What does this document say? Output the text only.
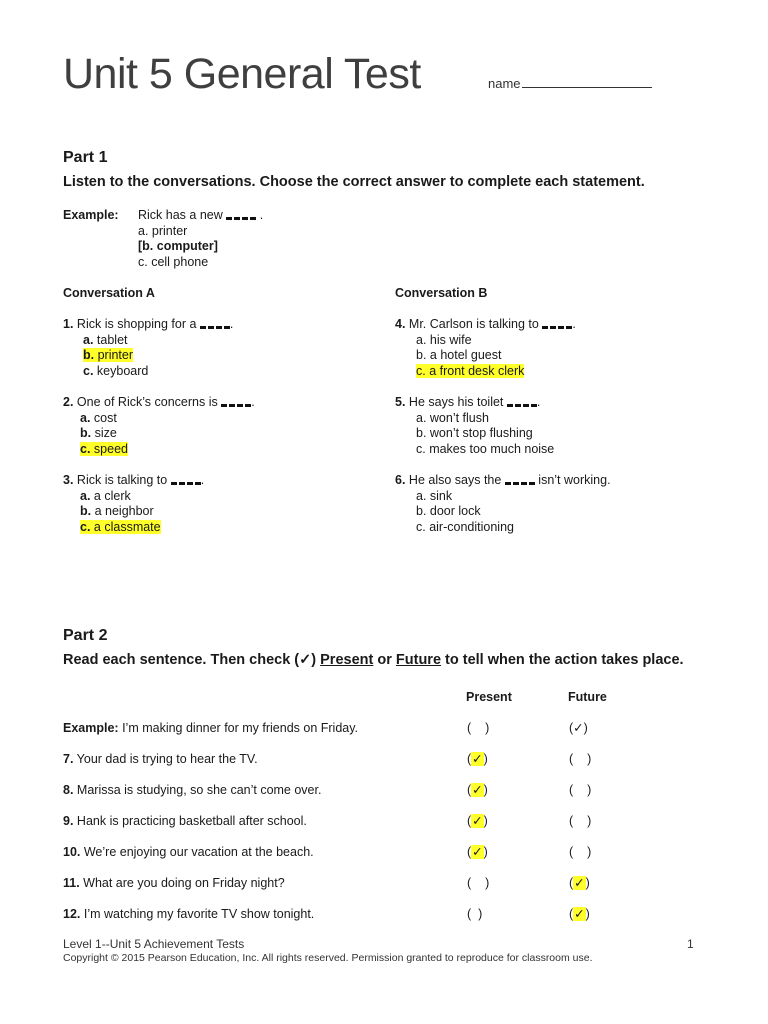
Unit 5 General Test	name
Part 1
Listen to the conversations. Choose the correct answer to complete each statement.
Example: Rick has a new	.
a. printer
[b. computer]
c. cell phone
Conversation A
1. Rick is shopping for a	.
a. tablet
b. printer
c. keyboard
2. One of Rick’s concerns is	.
a. cost
b. size
c. speed
3. Rick is talking to	.
a. a clerk
b. a neighbor
c. a classmate
Conversation B
4. Mr. Carlson is talking to	.
a. his wife
b. a hotel guest
c. a front desk clerk
5. He says his toilet	.
a. won’t flush
b. won’t stop flushing
c. makes too much noise
6. He also says the	isn’t working.
a. sink
b. door lock
c. air-conditioning
Part 2
Read each sentence. Then check (✓) Present or Future to tell when the action takes place.
Present	Future
Example: I’m making dinner for my friends on Friday.	( )	(✓)
7. Your dad is trying to hear the TV.	(✓)	( )
8. Marissa is studying, so she can’t come over.	(✓)	( )
9. Hank is practicing basketball after school.	(✓)	( )
10. We’re enjoying our vacation at the beach.	(✓)	( )
11. What are you doing on Friday night?	( )	(✓)
12. I’m watching my favorite TV show tonight.	( )	(✓)
Level 1--Unit 5 Achievement Tests	1
Copyright © 2015 Pearson Education, Inc. All rights reserved. Permission granted to reproduce for classroom use.
